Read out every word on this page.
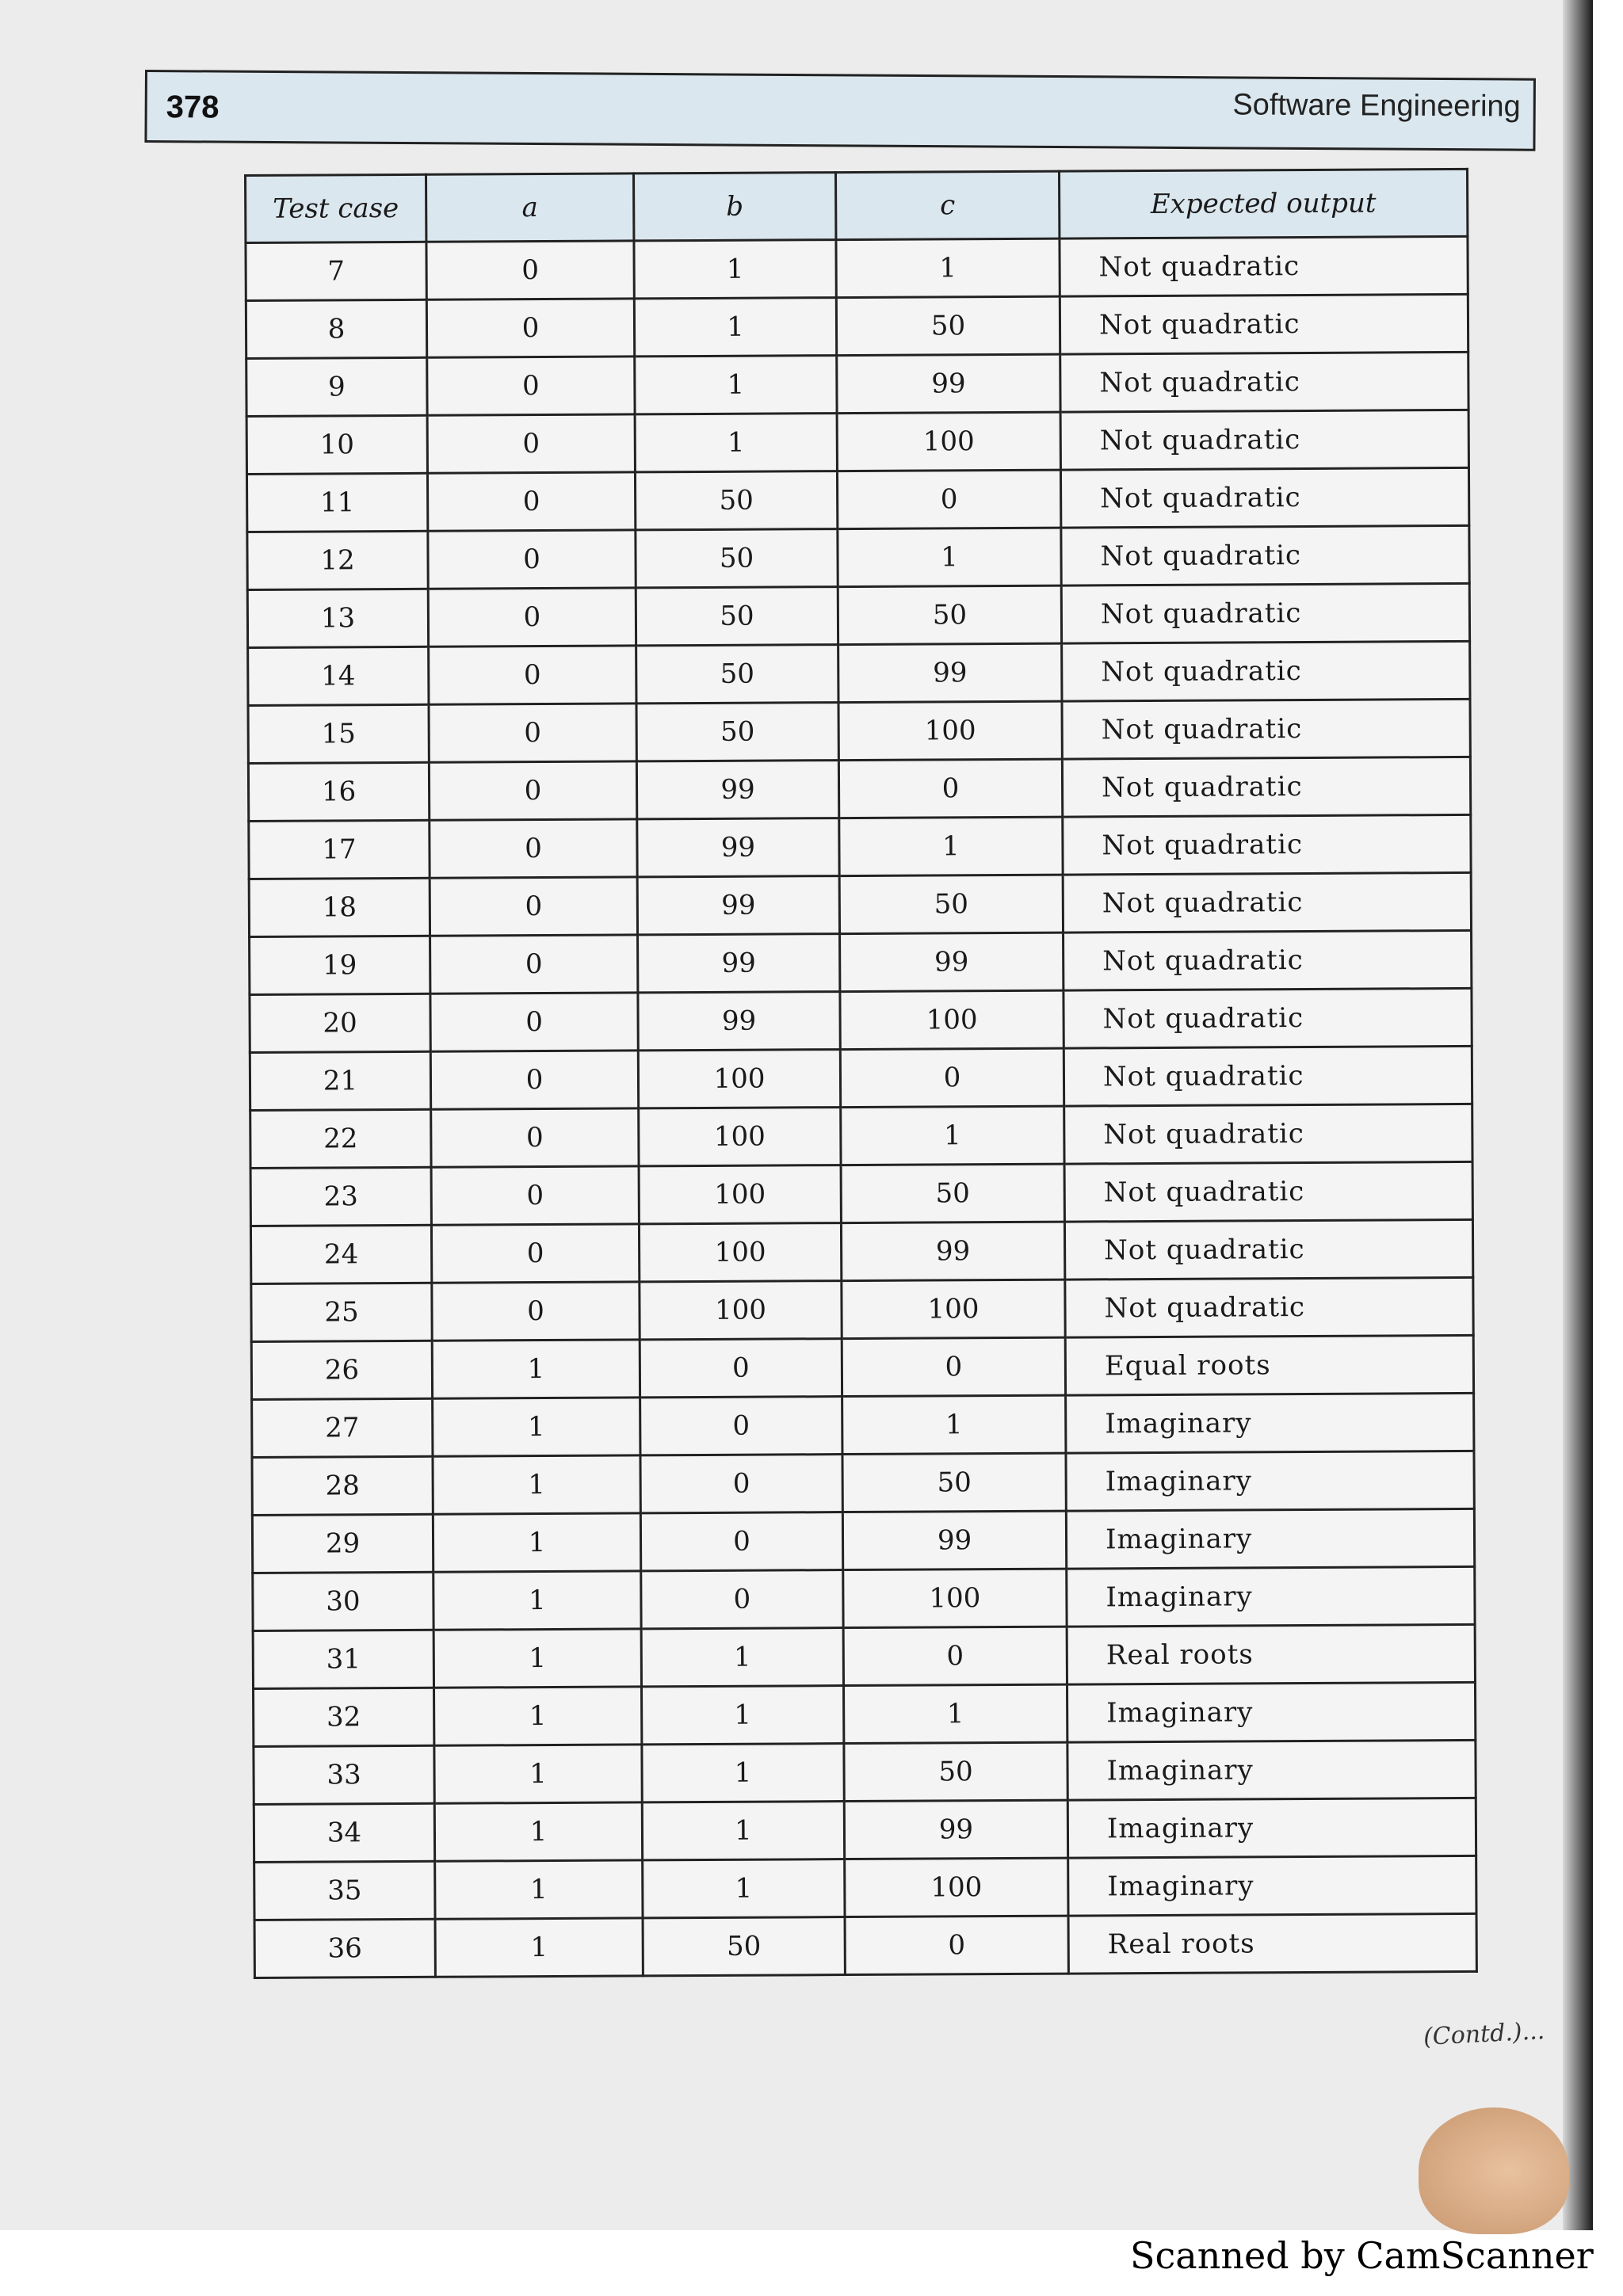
378	Software Engineering
Test case	a	b	c	Expected output
7	0	1	1	Not quadratic
8	0	1	50	Not quadratic
9	0	1	99	Not quadratic
10	0	1	100	Not quadratic
11	0	50	0	Not quadratic
12	0	50	1	Not quadratic
13	0	50	50	Not quadratic
14	0	50	99	Not quadratic
15	0	50	100	Not quadratic
16	0	99	0	Not quadratic
17	0	99	1	Not quadratic
18	0	99	50	Not quadratic
19	0	99	99	Not quadratic
20	0	99	100	Not quadratic
21	0	100	0	Not quadratic
22	0	100	1	Not quadratic
23	0	100	50	Not quadratic
24	0	100	99	Not quadratic
25	0	100	100	Not quadratic
26	1	0	0	Equal roots
27	1	0	1	Imaginary
28	1	0	50	Imaginary
29	1	0	99	Imaginary
30	1	0	100	Imaginary
31	1	1	0	Real roots
32	1	1	1	Imaginary
33	1	1	50	Imaginary
34	1	1	99	Imaginary
35	1	1	100	Imaginary
36	1	50	0	Real roots
(Contd.)...
Scanned by CamScanner
